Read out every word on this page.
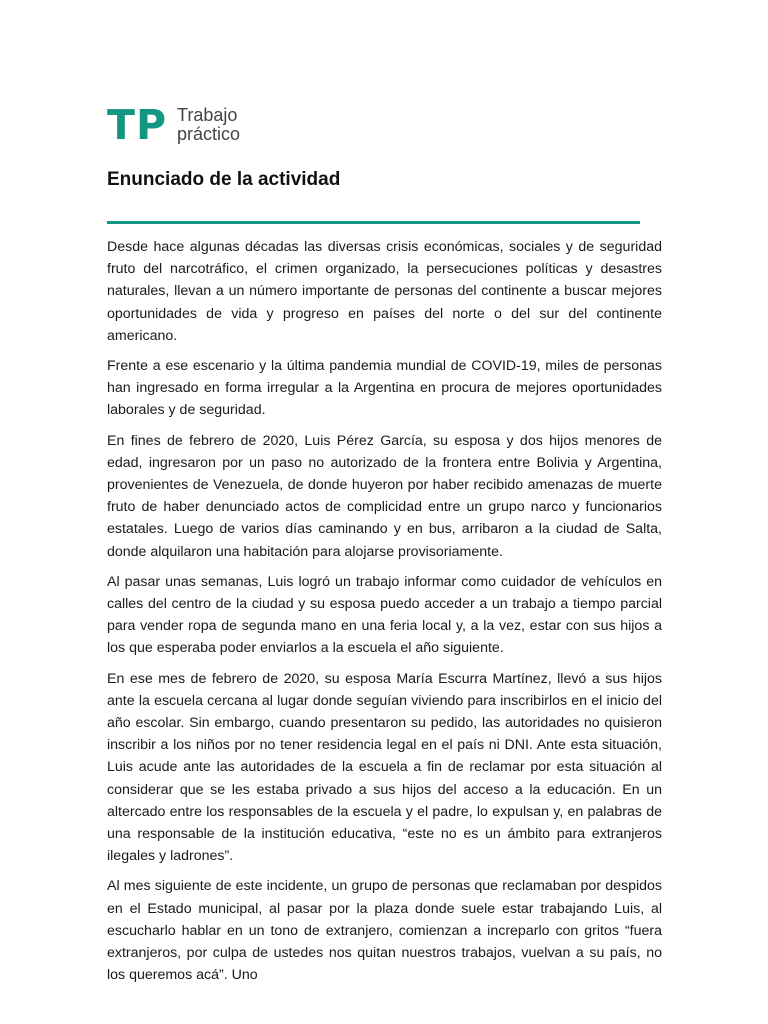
TP Trabajo
práctico
Enunciado de la actividad

Desde hace algunas décadas las diversas crisis económicas, sociales y de seguridad fruto del narcotráfico, el crimen organizado, la persecuciones políticas y desastres naturales, llevan a un número importante de personas del continente a buscar mejores oportunidades de vida y progreso en países del norte o del sur del continente americano.

Frente a ese escenario y la última pandemia mundial de COVID-19, miles de personas han ingresado en forma irregular a la Argentina en procura de mejores oportunidades laborales y de seguridad.

En fines de febrero de 2020, Luis Pérez García, su esposa y dos hijos menores de edad, ingresaron por un paso no autorizado de la frontera entre Bolivia y Argentina, provenientes de Venezuela, de donde huyeron por haber recibido amenazas de muerte fruto de haber denunciado actos de complicidad entre un grupo narco y funcionarios estatales. Luego de varios días caminando y en bus, arribaron a la ciudad de Salta, donde alquilaron una habitación para alojarse provisoriamente.

Al pasar unas semanas, Luis logró un trabajo informar como cuidador de vehículos en calles del centro de la ciudad y su esposa puedo acceder a un trabajo a tiempo parcial para vender ropa de segunda mano en una feria local y, a la vez, estar con sus hijos a los que esperaba poder enviarlos a la escuela el año siguiente.

En ese mes de febrero de 2020, su esposa María Escurra Martínez, llevó a sus hijos ante la escuela cercana al lugar donde seguían viviendo para inscribirlos en el inicio del año escolar. Sin embargo, cuando presentaron su pedido, las autoridades no quisieron inscribir a los niños por no tener residencia legal en el país ni DNI. Ante esta situación, Luis acude ante las autoridades de la escuela a fin de reclamar por esta situación al considerar que se les estaba privado a sus hijos del acceso a la educación. En un altercado entre los responsables de la escuela y el padre, lo expulsan y, en palabras de una responsable de la institución educativa, “este no es un ámbito para extranjeros ilegales y ladrones”.

Al mes siguiente de este incidente, un grupo de personas que reclamaban por despidos en el Estado municipal, al pasar por la plaza donde suele estar trabajando Luis, al escucharlo hablar en un tono de extranjero, comienzan a increparlo con gritos “fuera extranjeros, por culpa de ustedes nos quitan nuestros trabajos, vuelvan a su país, no los queremos acá”. Uno
